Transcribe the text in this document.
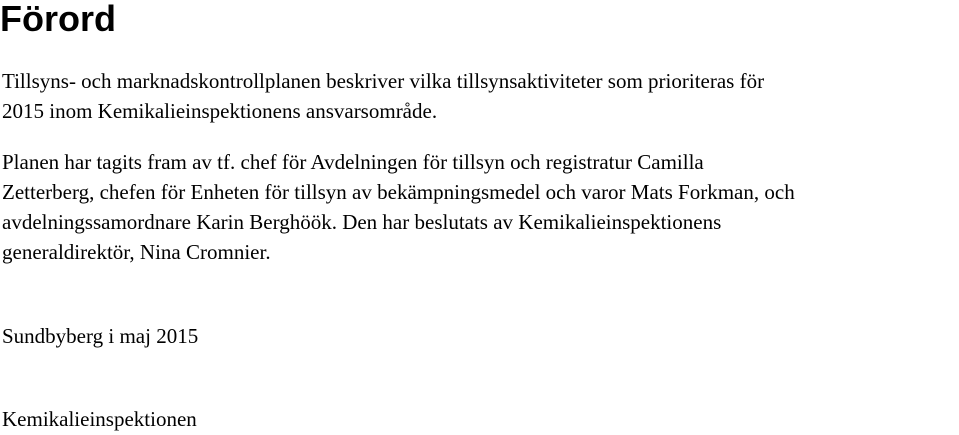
Förord

Tillsyns- och marknadskontrollplanen beskriver vilka tillsynsaktiviteter som prioriteras för
2015 inom Kemikalieinspektionens ansvarsområde.

Planen har tagits fram av tf. chef för Avdelningen för tillsyn och registratur Camilla
Zetterberg, chefen för Enheten för tillsyn av bekämpningsmedel och varor Mats Forkman, och
avdelningssamordnare Karin Berghöök. Den har beslutats av Kemikalieinspektionens
generaldirektör, Nina Cromnier.

Sundbyberg i maj 2015

Kemikalieinspektionen
